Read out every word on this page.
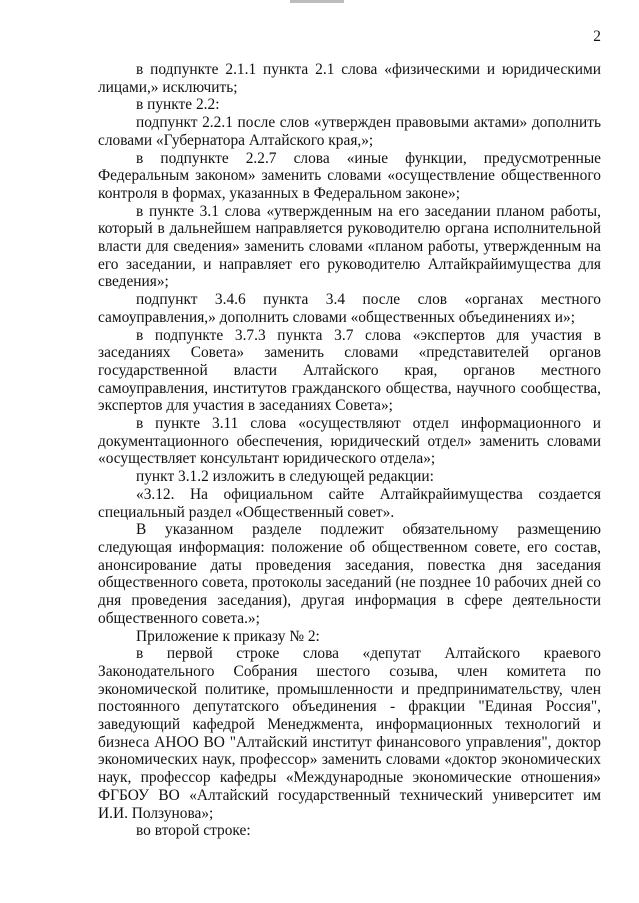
2

в подпункте 2.1.1 пункта 2.1 слова «физическими и юридическими лицами,» исключить;

в пункте 2.2:

подпункт 2.2.1 после слов «утвержден правовыми актами» дополнить словами «Губернатора Алтайского края,»;

в подпункте 2.2.7 слова «иные функции, предусмотренные Федеральным законом» заменить словами «осуществление общественного контроля в формах, указанных в Федеральном законе»;

в пункте 3.1 слова «утвержденным на его заседании планом работы, который в дальнейшем направляется руководителю органа исполнительной власти для сведения» заменить словами «планом работы, утвержденным на его заседании, и направляет его руководителю Алтайкрайимущества для сведения»;

подпункт 3.4.6 пункта 3.4 после слов «органах местного самоуправления,» дополнить словами «общественных объединениях и»;

в подпункте 3.7.3 пункта 3.7 слова «экспертов для участия в заседаниях Совета» заменить словами «представителей органов государственной власти Алтайского края, органов местного самоуправления, институтов гражданского общества, научного сообщества, экспертов для участия в заседаниях Совета»;

в пункте 3.11 слова «осуществляют отдел информационного и документационного обеспечения, юридический отдел» заменить словами «осуществляет консультант юридического отдела»;

пункт 3.1.2 изложить в следующей редакции:

«3.12. На официальном сайте Алтайкрайимущества создается специальный раздел «Общественный совет».

В указанном разделе подлежит обязательному размещению следующая информация: положение об общественном совете, его состав, анонсирование даты проведения заседания, повестка дня заседания общественного совета, протоколы заседаний (не позднее 10 рабочих дней со дня проведения заседания), другая информация в сфере деятельности общественного совета.»;

Приложение к приказу № 2:

в первой строке слова «депутат Алтайского краевого Законодательного Собрания шестого созыва, член комитета по экономической политике, промышленности и предпринимательству, член постоянного депутатского объединения - фракции "Единая Россия", заведующий кафедрой Менеджмента, информационных технологий и бизнеса АНОО ВО "Алтайский институт финансового управления", доктор экономических наук, профессор» заменить словами «доктор экономических наук, профессор кафедры «Международные экономические отношения» ФГБОУ ВО «Алтайский государственный технический университет им И.И. Ползунова»;

во второй строке:
